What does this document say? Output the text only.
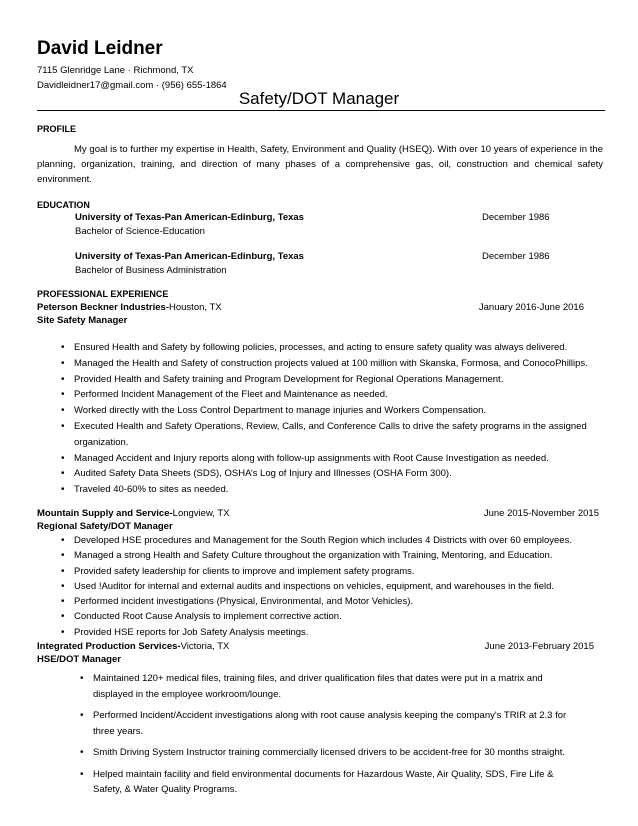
David Leidner
7115 Glenridge Lane · Richmond, TX
Davidleidner17@gmail.com · (956) 655-1864
Safety/DOT Manager
PROFILE
My goal is to further my expertise in Health, Safety, Environment and Quality (HSEQ). With over 10 years of experience in the planning, organization, training, and direction of many phases of a comprehensive gas, oil, construction and chemical safety environment.
EDUCATION
University of Texas-Pan American-Edinburg, Texas	December 1986
Bachelor of Science-Education
University of Texas-Pan American-Edinburg, Texas	December 1986
Bachelor of Business Administration
PROFESSIONAL EXPERIENCE
Peterson Beckner Industries-Houston, TX	January 2016-June 2016
Site Safety Manager
• Ensured Health and Safety by following policies, processes, and acting to ensure safety quality was always delivered.
• Managed the Health and Safety of construction projects valued at 100 million with Skanska, Formosa, and ConocoPhillips.
• Provided Health and Safety training and Program Development for Regional Operations Management.
• Performed Incident Management of the Fleet and Maintenance as needed.
• Worked directly with the Loss Control Department to manage injuries and Workers Compensation.
• Executed Health and Safety Operations, Review, Calls, and Conference Calls to drive the safety programs in the assigned organization.
• Managed Accident and Injury reports along with follow-up assignments with Root Cause Investigation as needed.
• Audited Safety Data Sheets (SDS), OSHA’s Log of Injury and Illnesses (OSHA Form 300).
• Traveled 40-60% to sites as needed.
Mountain Supply and Service-Longview, TX	June 2015-November 2015
Regional Safety/DOT Manager
• Developed HSE procedures and Management for the South Region which includes 4 Districts with over 60 employees.
• Managed a strong Health and Safety Culture throughout the organization with Training, Mentoring, and Education.
• Provided safety leadership for clients to improve and implement safety programs.
• Used !Auditor for internal and external audits and inspections on vehicles, equipment, and warehouses in the field.
• Performed incident investigations (Physical, Environmental, and Motor Vehicles).
• Conducted Root Cause Analysis to implement corrective action.
• Provided HSE reports for Job Safety Analysis meetings.
Integrated Production Services-Victoria, TX	June 2013-February 2015
HSE/DOT Manager
• Maintained 120+ medical files, training files, and driver qualification files that dates were put in a matrix and displayed in the employee workroom/lounge.
• Performed Incident/Accident investigations along with root cause analysis keeping the company's TRIR at 2.3 for three years.
• Smith Driving System Instructor training commercially licensed drivers to be accident-free for 30 months straight.
• Helped maintain facility and field environmental documents for Hazardous Waste, Air Quality, SDS, Fire Life & Safety, & Water Quality Programs.
